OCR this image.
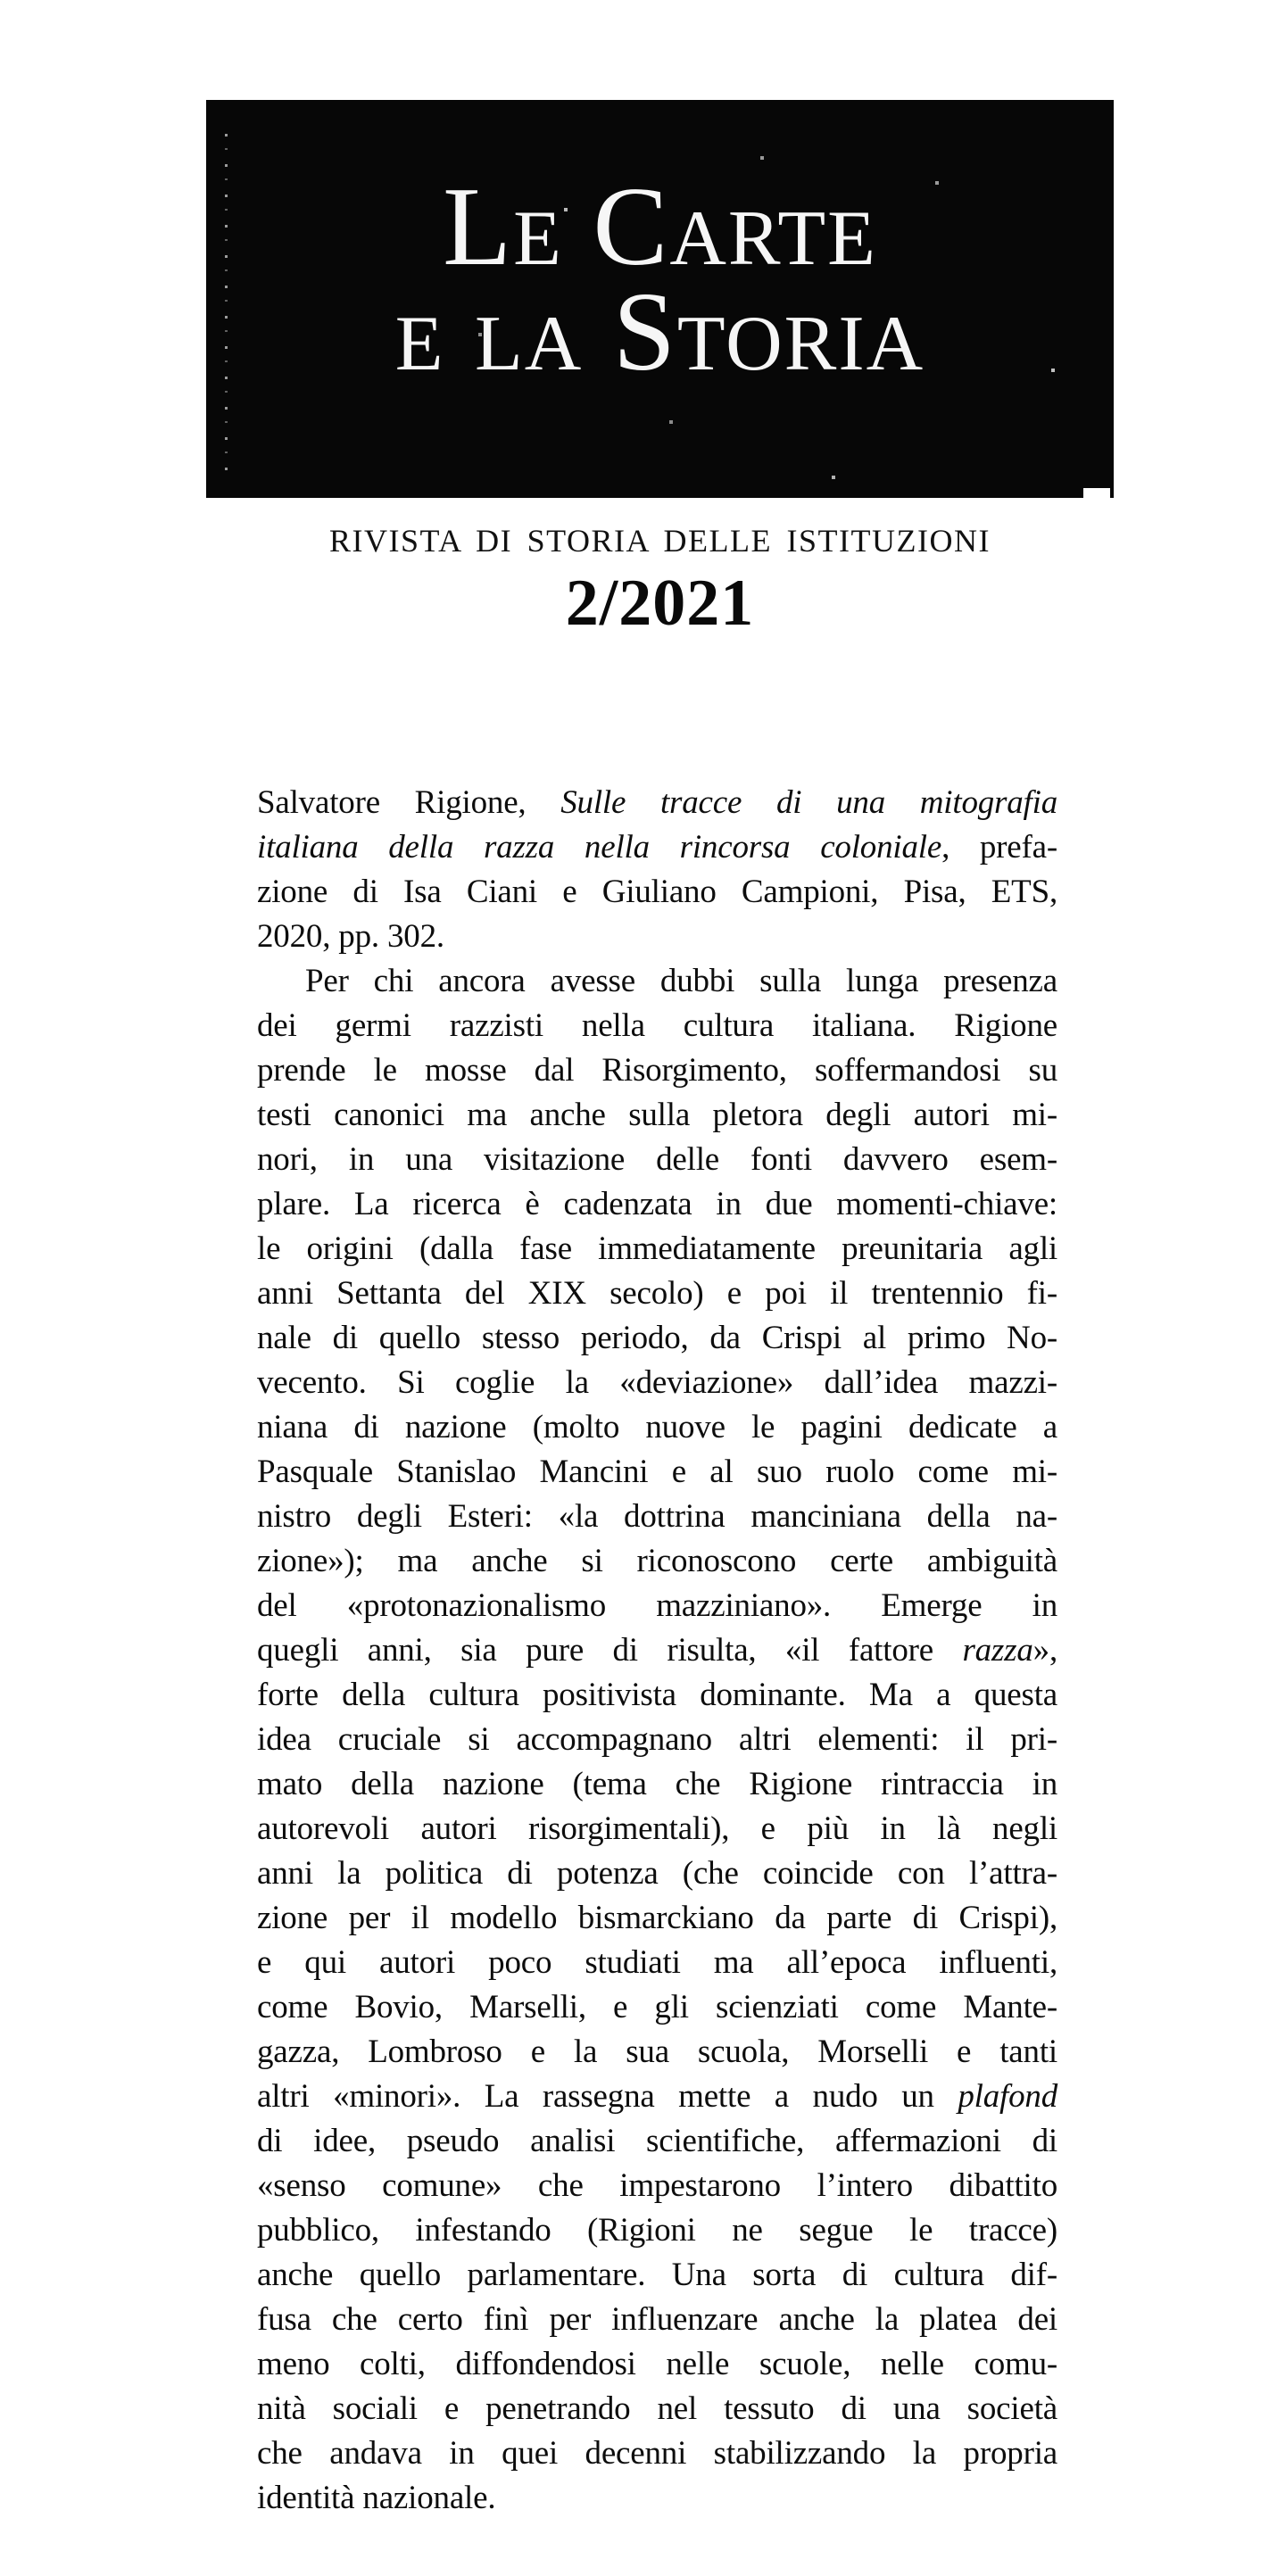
Le Carte
e la Storia
RIVISTA DI STORIA DELLE ISTITUZIONI
2/2021
Salvatore Rigione, Sulle tracce di una mitografia
italiana della razza nella rincorsa coloniale, prefa-
zione di Isa Ciani e Giuliano Campioni, Pisa, ETS,
2020, pp. 302.
Per chi ancora avesse dubbi sulla lunga presenza
dei germi razzisti nella cultura italiana. Rigione
prende le mosse dal Risorgimento, soffermandosi su
testi canonici ma anche sulla pletora degli autori mi-
nori, in una visitazione delle fonti davvero esem-
plare. La ricerca è cadenzata in due momenti-chiave:
le origini (dalla fase immediatamente preunitaria agli
anni Settanta del XIX secolo) e poi il trentennio fi-
nale di quello stesso periodo, da Crispi al primo No-
vecento. Si coglie la «deviazione» dall’idea mazzi-
niana di nazione (molto nuove le pagini dedicate a
Pasquale Stanislao Mancini e al suo ruolo come mi-
nistro degli Esteri: «la dottrina manciniana della na-
zione»); ma anche si riconoscono certe ambiguità
del «protonazionalismo mazziniano». Emerge in
quegli anni, sia pure di risulta, «il fattore razza»,
forte della cultura positivista dominante. Ma a questa
idea cruciale si accompagnano altri elementi: il pri-
mato della nazione (tema che Rigione rintraccia in
autorevoli autori risorgimentali), e più in là negli
anni la politica di potenza (che coincide con l’attra-
zione per il modello bismarckiano da parte di Crispi),
e qui autori poco studiati ma all’epoca influenti,
come Bovio, Marselli, e gli scienziati come Mante-
gazza, Lombroso e la sua scuola, Morselli e tanti
altri «minori». La rassegna mette a nudo un plafond
di idee, pseudo analisi scientifiche, affermazioni di
«senso comune» che impestarono l’intero dibattito
pubblico, infestando (Rigioni ne segue le tracce)
anche quello parlamentare. Una sorta di cultura dif-
fusa che certo finì per influenzare anche la platea dei
meno colti, diffondendosi nelle scuole, nelle comu-
nità sociali e penetrando nel tessuto di una società
che andava in quei decenni stabilizzando la propria
identità nazionale.
